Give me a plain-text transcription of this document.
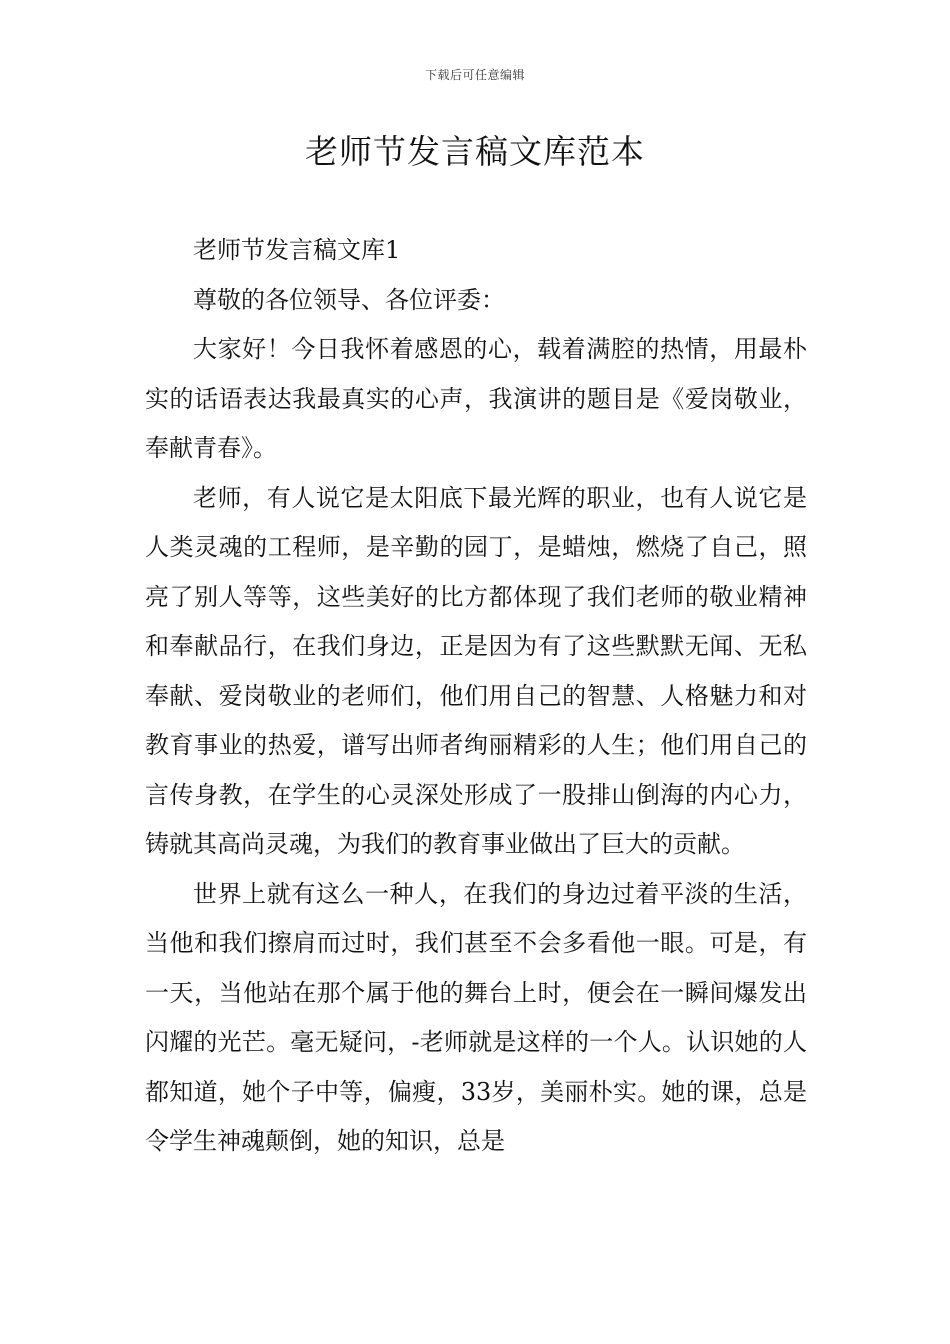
下载后可任意编辑
老师节发言稿文库范本

老师节发言稿文库1

尊敬的各位领导、各位评委：

大家好！今日我怀着感恩的心，载着满腔的热情，用最朴实的话语表达我最真实的心声，我演讲的题目是《爱岗敬业，奉献青春》。

老师，有人说它是太阳底下最光辉的职业，也有人说它是人类灵魂的工程师，是辛勤的园丁，是蜡烛，燃烧了自己，照亮了别人等等，这些美好的比方都体现了我们老师的敬业精神和奉献品行，在我们身边，正是因为有了这些默默无闻、无私奉献、爱岗敬业的老师们，他们用自己的智慧、人格魅力和对教育事业的热爱，谱写出师者绚丽精彩的人生；他们用自己的言传身教，在学生的心灵深处形成了一股排山倒海的内心力，铸就其高尚灵魂，为我们的教育事业做出了巨大的贡献。

世界上就有这么一种人，在我们的身边过着平淡的生活，当他和我们擦肩而过时，我们甚至不会多看他一眼。可是，有一天，当他站在那个属于他的舞台上时，便会在一瞬间爆发出闪耀的光芒。毫无疑问，-老师就是这样的一个人。认识她的人都知道，她个子中等，偏瘦，33岁，美丽朴实。她的课，总是令学生神魂颠倒，她的知识，总是
